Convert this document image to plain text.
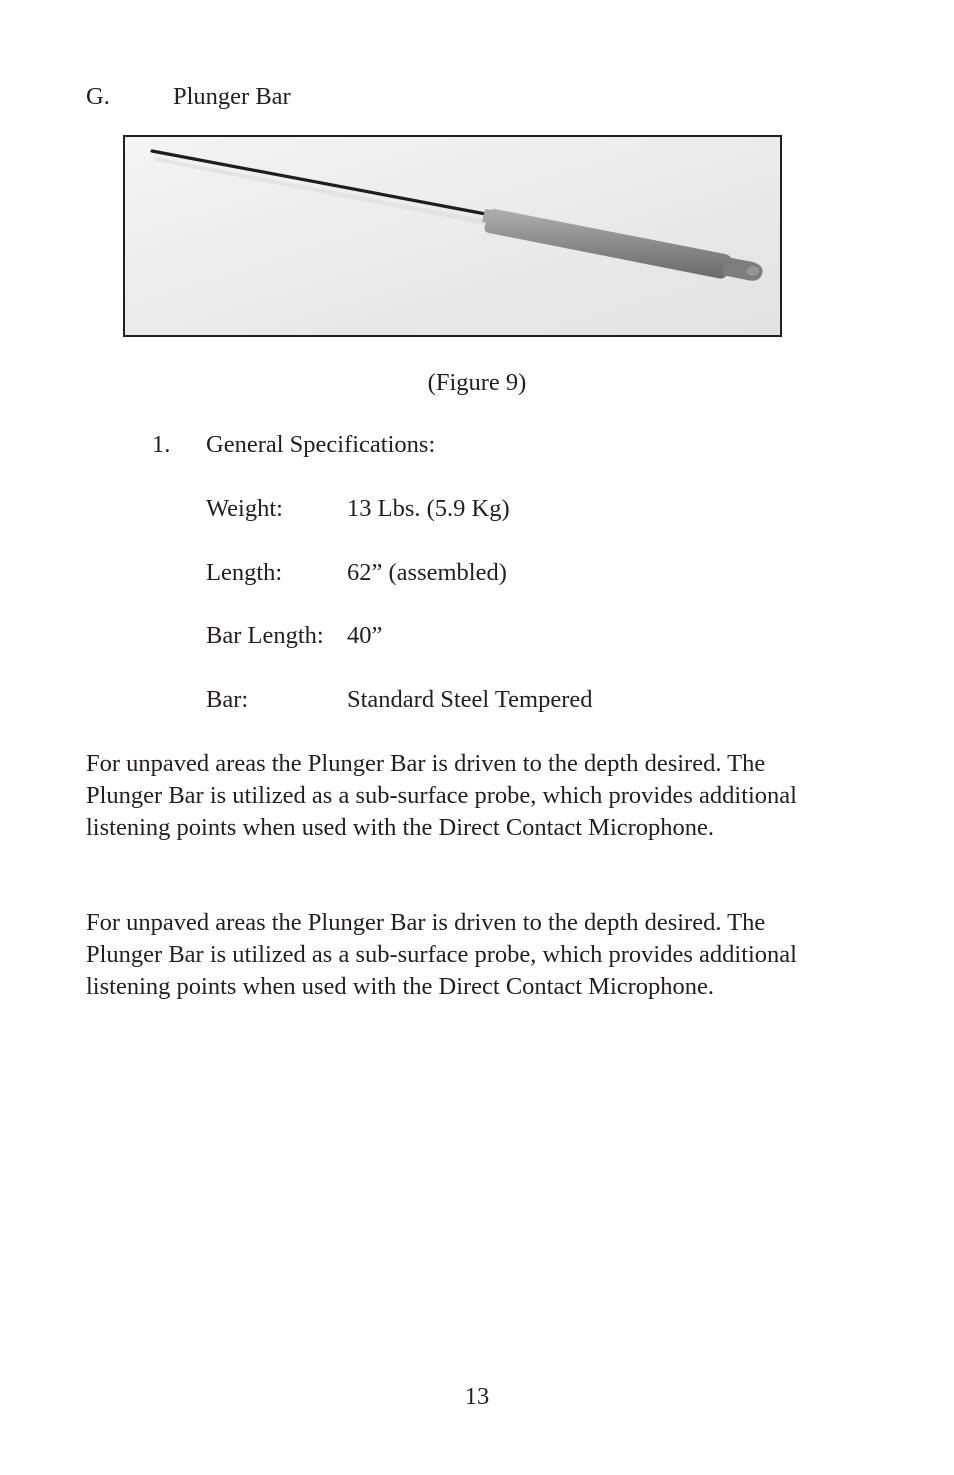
G.	Plunger Bar
(Figure 9)
1. General Specifications:
Weight:	13 Lbs. (5.9 Kg)
Length:	62” (assembled)
Bar Length: 40”
Bar:	Standard Steel Tempered
For unpaved areas the Plunger Bar is driven to the depth desired. The
Plunger Bar is utilized as a sub-surface probe, which provides additional
listening points when used with the Direct Contact Microphone.
For unpaved areas the Plunger Bar is driven to the depth desired. The
Plunger Bar is utilized as a sub-surface probe, which provides additional
listening points when used with the Direct Contact Microphone.
13
